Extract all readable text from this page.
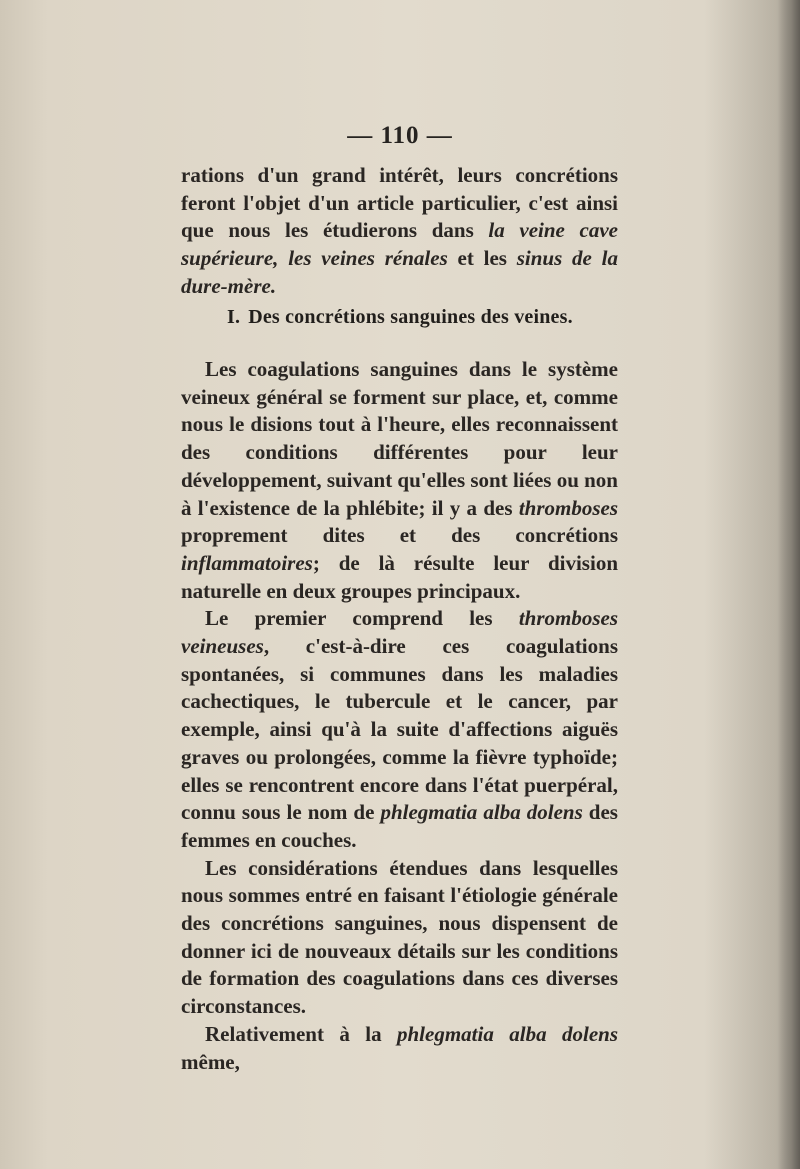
— 110 —

rations d'un grand intérêt, leurs concrétions feront l'objet d'un article particulier, c'est ainsi que nous les étudierons dans la veine cave supérieure, les veines rénales et les sinus de la dure-mère.

I. Des concrétions sanguines des veines.

Les coagulations sanguines dans le système veineux général se forment sur place, et, comme nous le disions tout à l'heure, elles reconnaissent des conditions différentes pour leur développement, suivant qu'elles sont liées ou non à l'existence de la phlébite; il y a des thromboses proprement dites et des concrétions inflammatoires; de là résulte leur division naturelle en deux groupes principaux.

Le premier comprend les thromboses veineuses, c'est-à-dire ces coagulations spontanées, si communes dans les maladies cachectiques, le tubercule et le cancer, par exemple, ainsi qu'à la suite d'affections aiguës graves ou prolongées, comme la fièvre typhoïde; elles se rencontrent encore dans l'état puerpéral, connu sous le nom de phlegmatia alba dolens des femmes en couches.

Les considérations étendues dans lesquelles nous sommes entré en faisant l'étiologie générale des concrétions sanguines, nous dispensent de donner ici de nouveaux détails sur les conditions de formation des coagulations dans ces diverses circonstances.

Relativement à la phlegmatia alba dolens même,
